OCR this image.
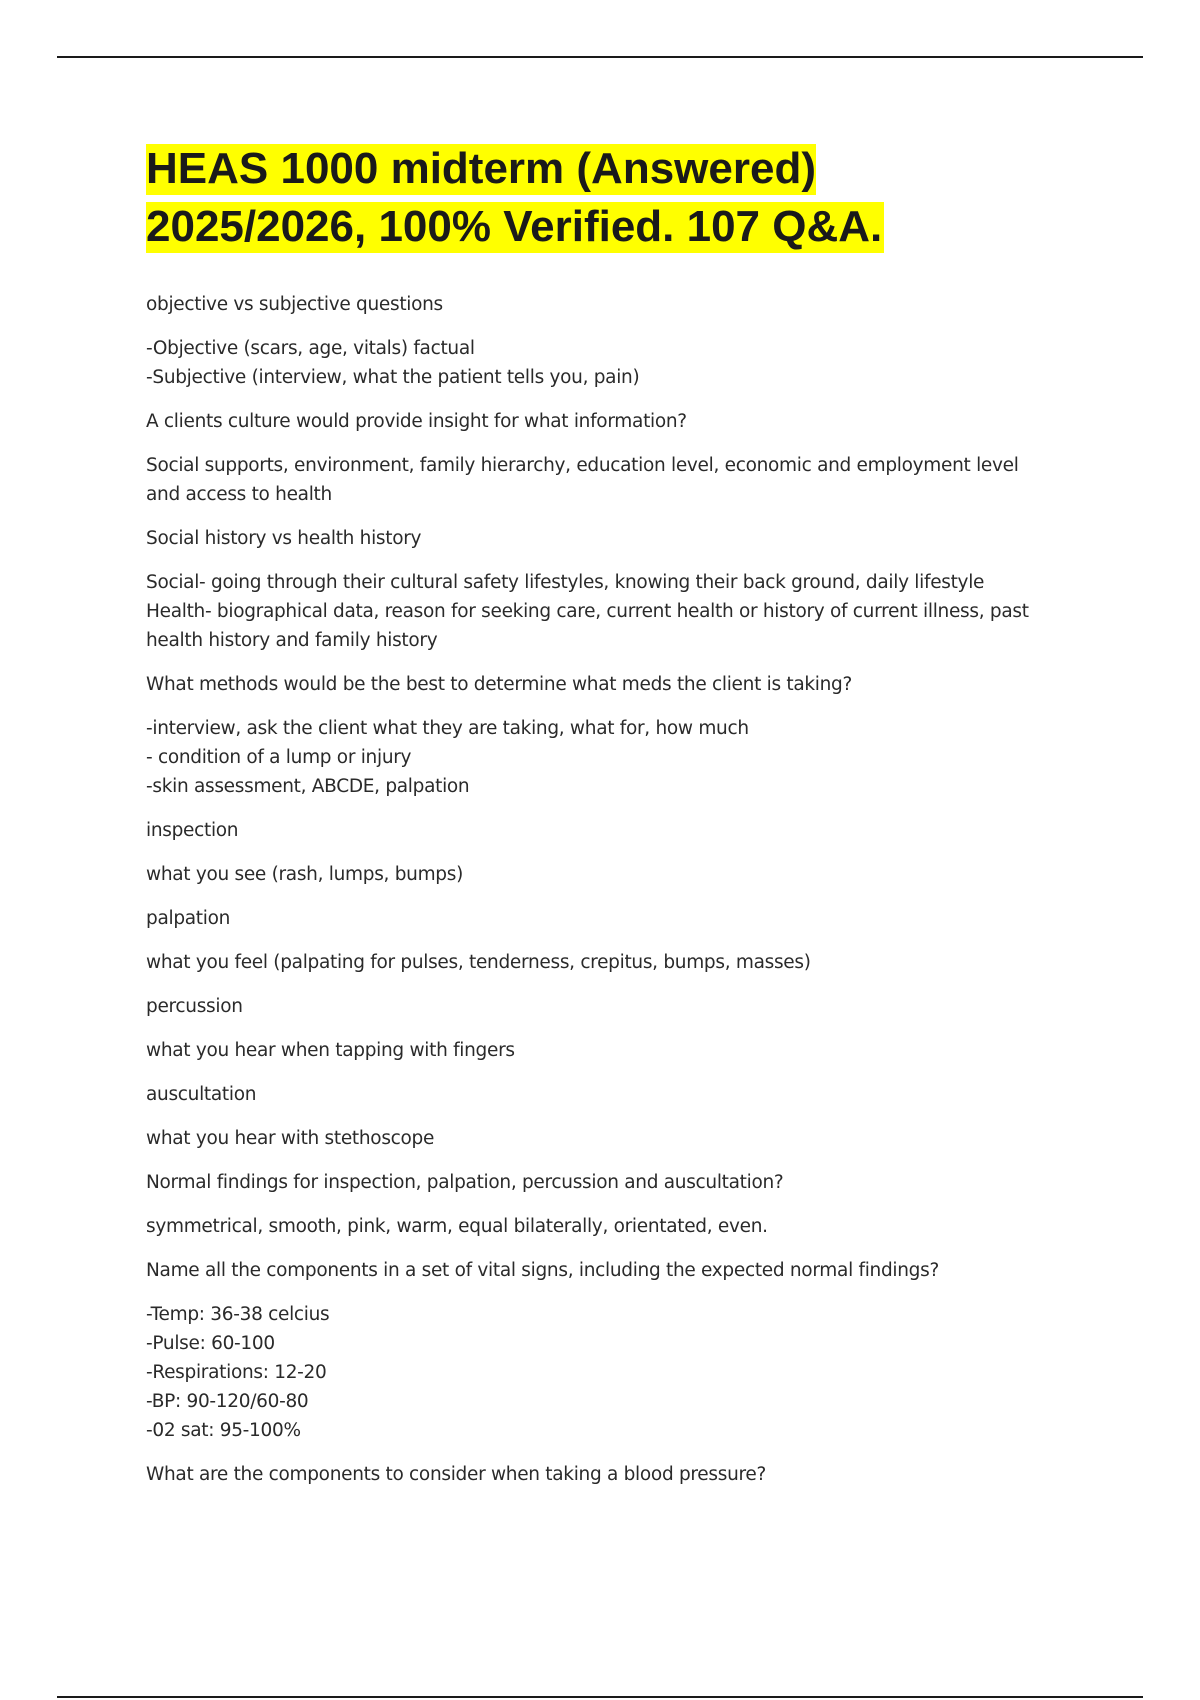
HEAS 1000 midterm (Answered) 2025/2026, 100% Verified. 107 Q&A.

objective vs subjective questions

-Objective (scars, age, vitals) factual
-Subjective (interview, what the patient tells you, pain)

A clients culture would provide insight for what information?

Social supports, environment, family hierarchy, education level, economic and employment level
and access to health

Social history vs health history

Social- going through their cultural safety lifestyles, knowing their back ground, daily lifestyle
Health- biographical data, reason for seeking care, current health or history of current illness, past
health history and family history

What methods would be the best to determine what meds the client is taking?

-interview, ask the client what they are taking, what for, how much
- condition of a lump or injury
-skin assessment, ABCDE, palpation

inspection

what you see (rash, lumps, bumps)

palpation

what you feel (palpating for pulses, tenderness, crepitus, bumps, masses)

percussion

what you hear when tapping with fingers

auscultation

what you hear with stethoscope

Normal findings for inspection, palpation, percussion and auscultation?

symmetrical, smooth, pink, warm, equal bilaterally, orientated, even.

Name all the components in a set of vital signs, including the expected normal findings?

-Temp: 36-38 celcius
-Pulse: 60-100
-Respirations: 12-20
-BP: 90-120/60-80
-02 sat: 95-100%

What are the components to consider when taking a blood pressure?
